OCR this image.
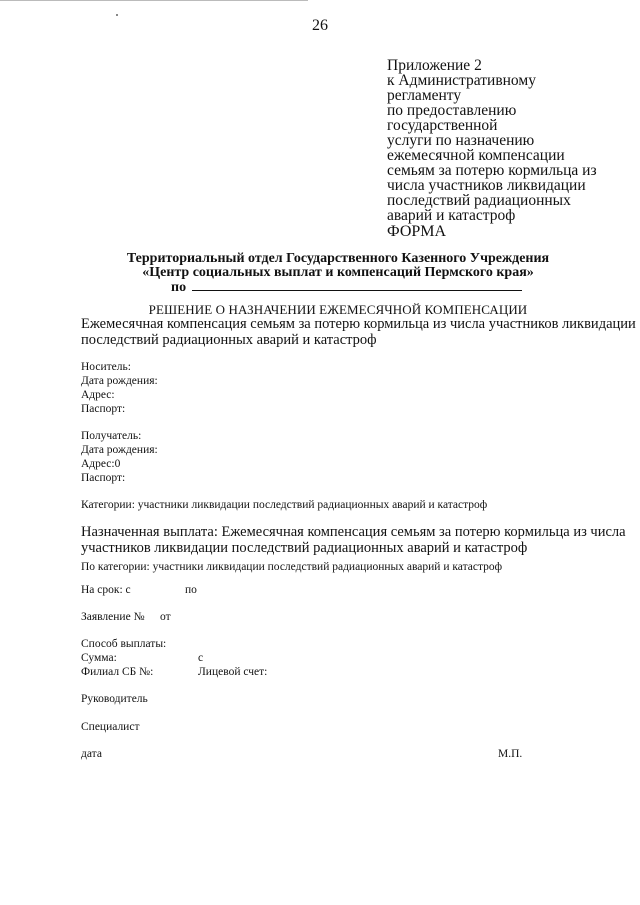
26
Приложение 2
к Административному
регламенту
по предоставлению
государственной
услуги по назначению
ежемесячной компенсации
семьям за потерю кормильца из
числа участников ликвидации
последствий радиационных
аварий и катастроф
ФОРМА
Территориальный отдел Государственного Казенного Учреждения
«Центр социальных выплат и компенсаций Пермского края»
по
РЕШЕНИЕ О НАЗНАЧЕНИИ ЕЖЕМЕСЯЧНОЙ КОМПЕНСАЦИИ
Ежемесячная компенсация семьям за потерю кормильца из числа участников ликвидации
последствий радиационных аварий и катастроф
Носитель:
Дата рождения:
Адрес:
Паспорт:
Получатель:
Дата рождения:
Адрес:0
Паспорт:
Категории: участники ликвидации последствий радиационных аварий и катастроф
Назначенная выплата: Ежемесячная компенсация семьям за потерю кормильца из числа
участников ликвидации последствий радиационных аварий и катастроф
По категории: участники ликвидации последствий радиационных аварий и катастроф
На срок: с	по
Заявление № от
Способ выплаты:
Сумма:	с
Филиал СБ №:	Лицевой счет:
Руководитель
Специалист
дата	М.П.
